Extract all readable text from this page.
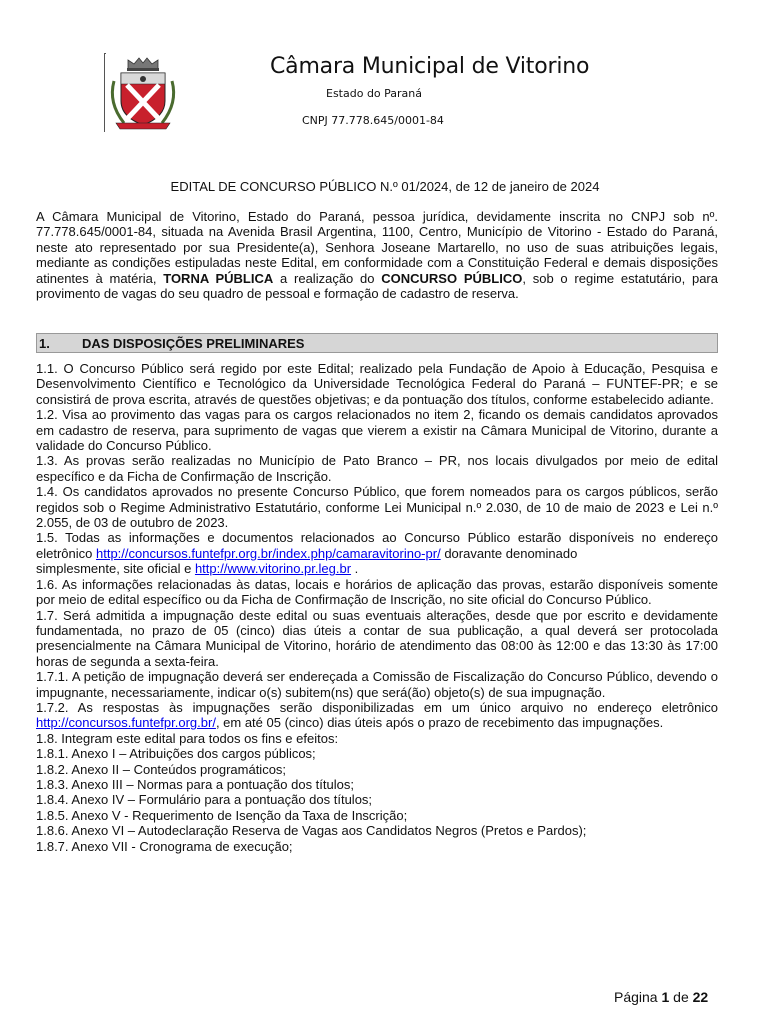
Câmara Municipal de Vitorino
Estado do Paraná
CNPJ 77.778.645/0001-84
EDITAL DE CONCURSO PÚBLICO N.º 01/2024, de 12 de janeiro de 2024
A Câmara Municipal de Vitorino, Estado do Paraná, pessoa jurídica, devidamente inscrita no CNPJ sob nº. 77.778.645/0001-84, situada na Avenida Brasil Argentina, 1100, Centro, Município de Vitorino - Estado do Paraná, neste ato representado por sua Presidente(a), Senhora Joseane Martarello, no uso de suas atribuições legais, mediante as condições estipuladas neste Edital, em conformidade com a Constituição Federal e demais disposições atinentes à matéria, TORNA PÚBLICA a realização do CONCURSO PÚBLICO, sob o regime estatutário, para provimento de vagas do seu quadro de pessoal e formação de cadastro de reserva.
1. DAS DISPOSIÇÕES PRELIMINARES

1.1. O Concurso Público será regido por este Edital; realizado pela Fundação de Apoio à Educação, Pesquisa e Desenvolvimento Científico e Tecnológico da Universidade Tecnológica Federal do Paraná – FUNTEF-PR; e se consistirá de prova escrita, através de questões objetivas; e da pontuação dos títulos, conforme estabelecido adiante.

1.2. Visa ao provimento das vagas para os cargos relacionados no item 2, ficando os demais candidatos aprovados em cadastro de reserva, para suprimento de vagas que vierem a existir na Câmara Municipal de Vitorino, durante a validade do Concurso Público.

1.3. As provas serão realizadas no Município de Pato Branco – PR, nos locais divulgados por meio de edital específico e da Ficha de Confirmação de Inscrição.

1.4. Os candidatos aprovados no presente Concurso Público, que forem nomeados para os cargos públicos, serão regidos sob o Regime Administrativo Estatutário, conforme Lei Municipal n.º 2.030, de 10 de maio de 2023 e Lei n.º 2.055, de 03 de outubro de 2023.

1.5. Todas as informações e documentos relacionados ao Concurso Público estarão disponíveis no endereço eletrônico http://concursos.funtefpr.org.br/index.php/camaravitorino-pr/ doravante denominado
simplesmente, site oficial e http://www.vitorino.pr.leg.br .

1.6. As informações relacionadas às datas, locais e horários de aplicação das provas, estarão disponíveis somente por meio de edital específico ou da Ficha de Confirmação de Inscrição, no site oficial do Concurso Público.

1.7. Será admitida a impugnação deste edital ou suas eventuais alterações, desde que por escrito e devidamente fundamentada, no prazo de 05 (cinco) dias úteis a contar de sua publicação, a qual deverá ser protocolada presencialmente na Câmara Municipal de Vitorino, horário de atendimento das 08:00 às 12:00 e das 13:30 às 17:00 horas de segunda a sexta-feira.

1.7.1. A petição de impugnação deverá ser endereçada a Comissão de Fiscalização do Concurso Público, devendo o impugnante, necessariamente, indicar o(s) subitem(ns) que será(ão) objeto(s) de sua impugnação.

1.7.2. As respostas às impugnações serão disponibilizadas em um único arquivo no endereço eletrônico http://concursos.funtefpr.org.br/, em até 05 (cinco) dias úteis após o prazo de recebimento das impugnações.

1.8. Integram este edital para todos os fins e efeitos:

1.8.1. Anexo I – Atribuições dos cargos públicos;

1.8.2. Anexo II – Conteúdos programáticos;

1.8.3. Anexo III – Normas para a pontuação dos títulos;

1.8.4. Anexo IV – Formulário para a pontuação dos títulos;

1.8.5. Anexo V - Requerimento de Isenção da Taxa de Inscrição;

1.8.6. Anexo VI – Autodeclaração Reserva de Vagas aos Candidatos Negros (Pretos e Pardos);

1.8.7. Anexo VII - Cronograma de execução;

Página 1 de 22
